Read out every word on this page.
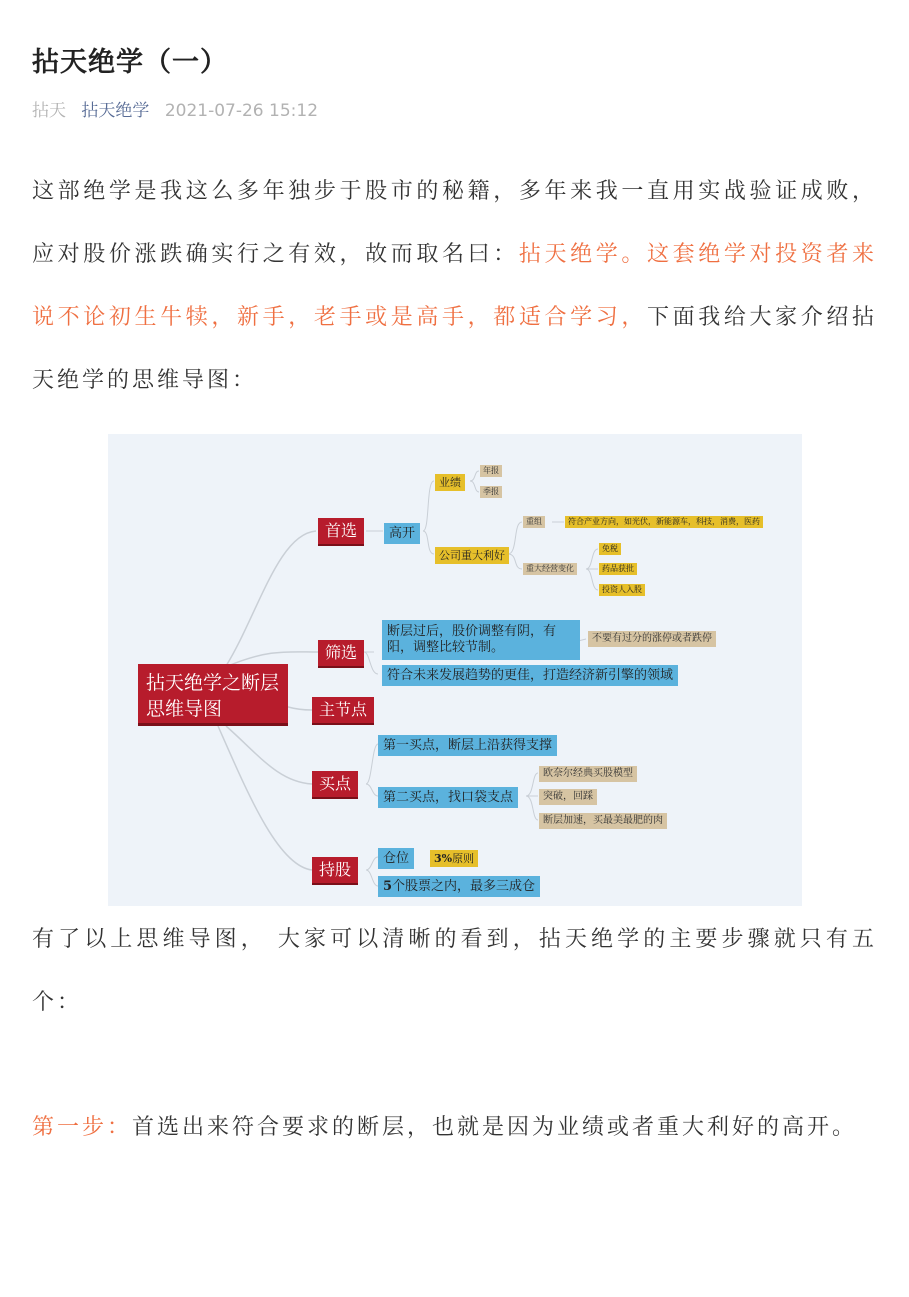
拈天绝学（一）
拈天 拈天绝学 2021-07-26 15:12
这部绝学是我这么多年独步于股市的秘籍，多年来我一直用实战验证成败，应对股价涨跌确实行之有效，故而取名曰：拈天绝学。这套绝学对投资者来说不论初生牛犊，新手，老手或是高手，都适合学习，下面我给大家介绍拈天绝学的思维导图：
拈天绝学之断层思维导图
首选
筛选
主节点
买点
持股
高开
业绩
年报
季报
公司重大利好
重组	符合产业方向，如光伏，新能源车，科技，消费，医药
重大经营变化
免税
药品获批
投资人入股
断层过后，股价调整有阴，有阳，调整比较节制。
不要有过分的涨停或者跌停
符合未来发展趋势的更佳，打造经济新引擎的领域
第一买点，断层上沿获得支撑
第二买点，找口袋支点
欧奈尔经典买股模型
突破，回踩
断层加速，买最美最肥的肉
仓位	3%原则
5个股票之内，最多三成仓
有了以上思维导图， 大家可以清晰的看到，拈天绝学的主要步骤就只有五个：
第一步：首选出来符合要求的断层，也就是因为业绩或者重大利好的高开。
